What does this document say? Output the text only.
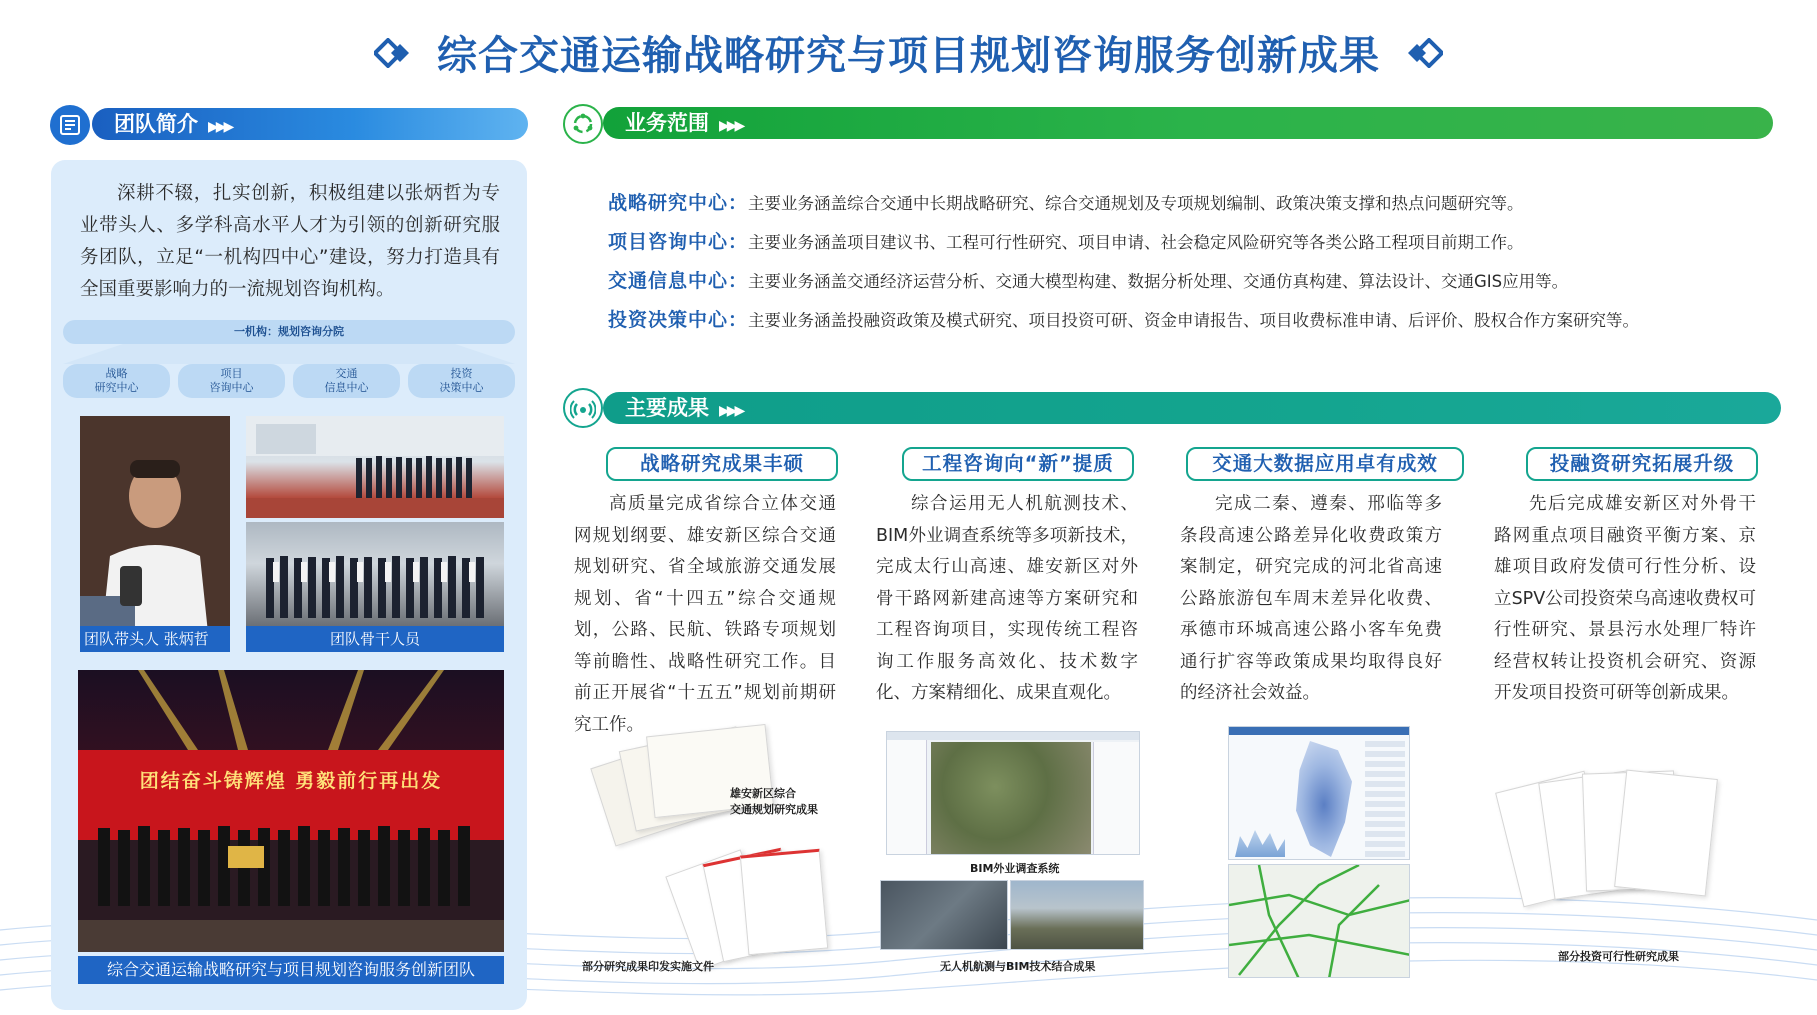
综合交通运输战略研究与项目规划咨询服务创新成果
团队简介 ▶▶▶
深耕不辍，扎实创新，积极组建以张炳哲为专业带头人、多学科高水平人才为引领的创新研究服务团队，立足“一机构四中心”建设，努力打造具有全国重要影响力的一流规划咨询机构。
一机构：规划咨询分院
战略
研究中心
项目
咨询中心
交通
信息中心
投资
决策中心
团队带头人 张炳哲	团队骨干人员
团结奋斗铸辉煌 勇毅前行再出发
综合交通运输战略研究与项目规划咨询服务创新团队
业务范围 ▶▶▶
战略研究中心：主要业务涵盖综合交通中长期战略研究、综合交通规划及专项规划编制、政策决策支撑和热点问题研究等。
项目咨询中心：主要业务涵盖项目建议书、工程可行性研究、项目申请、社会稳定风险研究等各类公路工程项目前期工作。
交通信息中心：主要业务涵盖交通经济运营分析、交通大模型构建、数据分析处理、交通仿真构建、算法设计、交通GIS应用等。
投资决策中心：主要业务涵盖投融资政策及模式研究、项目投资可研、资金申请报告、项目收费标准申请、后评价、股权合作方案研究等。
主要成果 ▶▶▶
战略研究成果丰硕	工程咨询向“新”提质	交通大数据应用卓有成效	投融资研究拓展升级
高质量完成省综合立体交通网规划纲要、雄安新区综合交通规划研究、省全域旅游交通发展规划、省“十四五”综合交通规划，公路、民航、铁路专项规划等前瞻性、战略性研究工作。目前正开展省“十五五”规划前期研究工作。
综合运用无人机航测技术、BIM外业调查系统等多项新技术，完成太行山高速、雄安新区对外骨干路网新建高速等方案研究和工程咨询项目，实现传统工程咨询工作服务高效化、技术数字化、方案精细化、成果直观化。
完成二秦、遵秦、邢临等多条段高速公路差异化收费政策方案制定，研究完成的河北省高速公路旅游包车周末差异化收费、承德市环城高速公路小客车免费通行扩容等政策成果均取得良好的经济社会效益。
先后完成雄安新区对外骨干路网重点项目融资平衡方案、京雄项目政府发债可行性分析、设立SPV公司投资荣乌高速收费权可行性研究、景县污水处理厂特许经营权转让投资机会研究、资源开发项目投资可研等创新成果。
雄安新区综合
交通规划研究成果
部分研究成果印发实施文件
BIM外业调查系统
无人机航测与BIM技术结合成果
部分投资可行性研究成果
